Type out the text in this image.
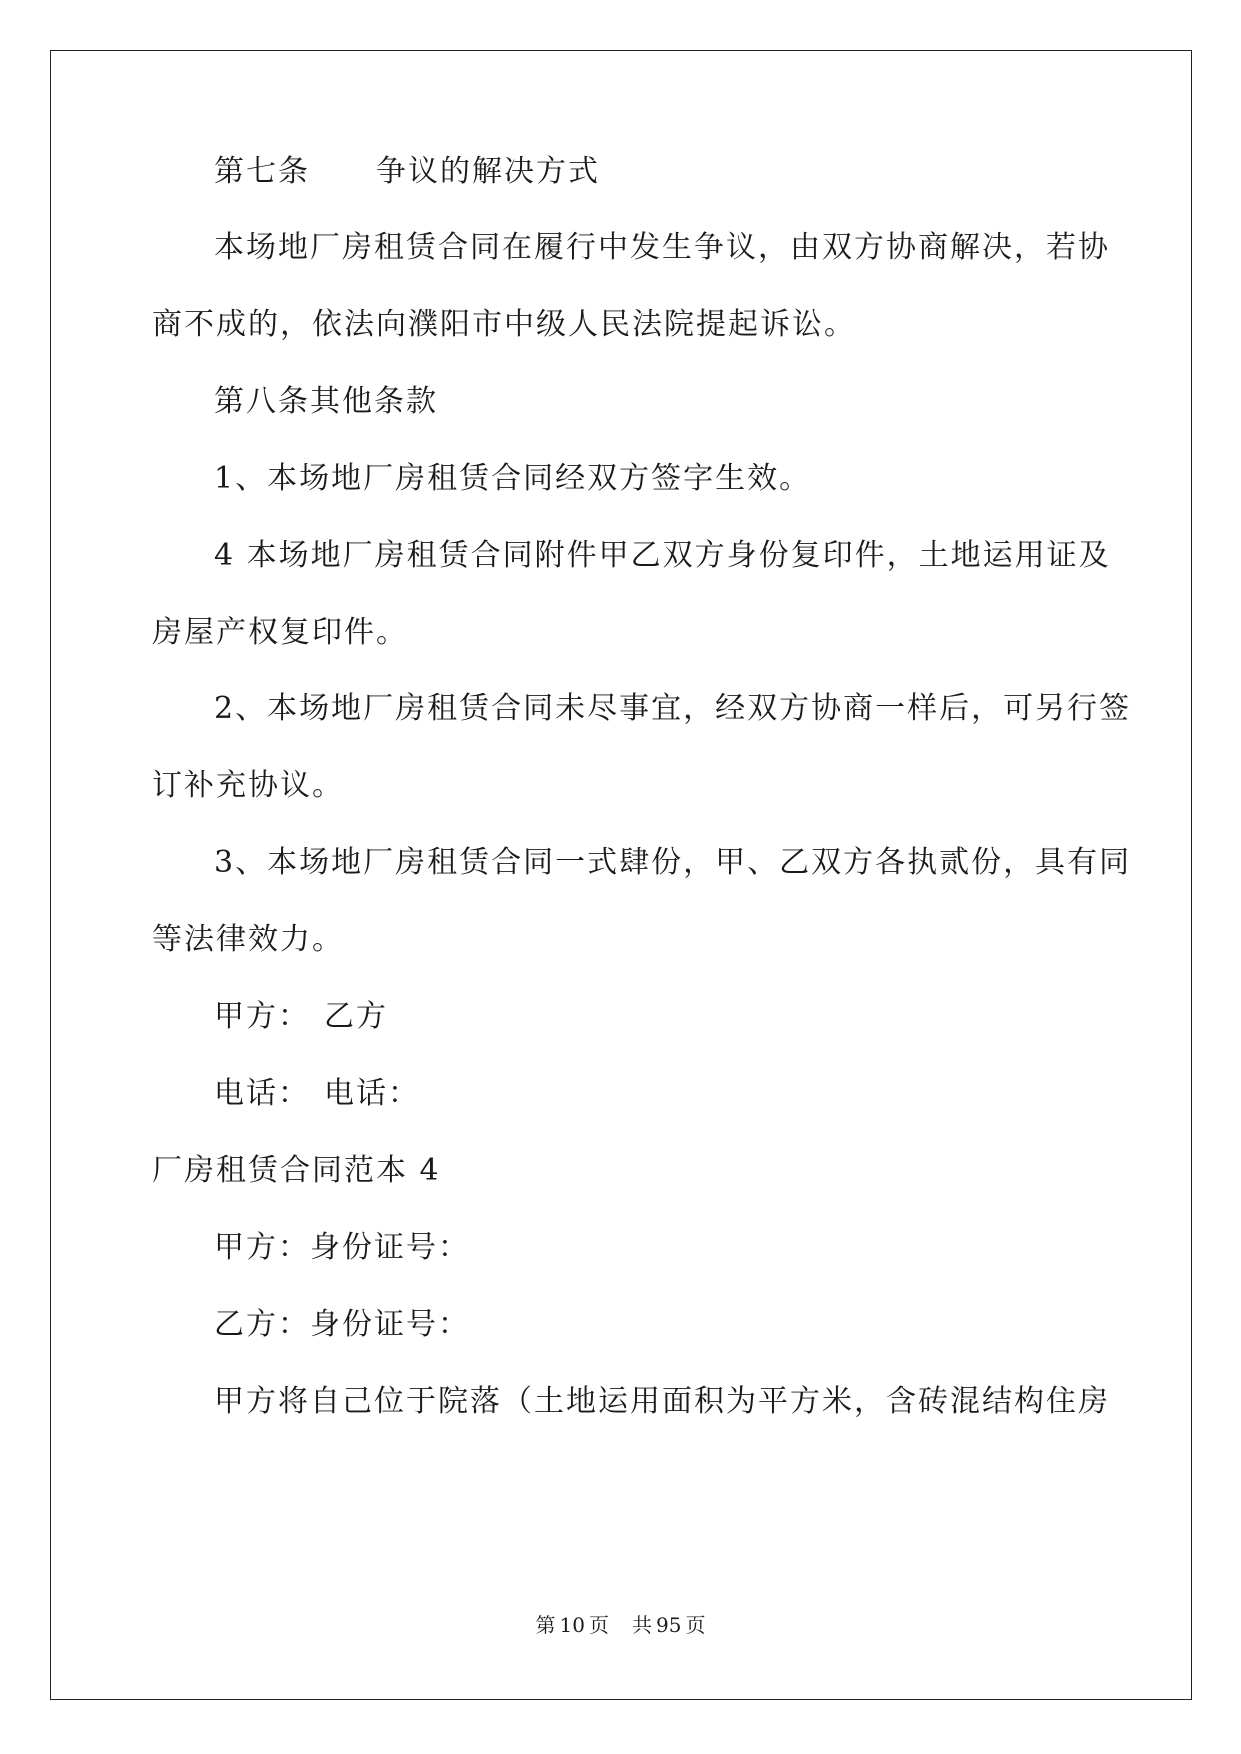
第七条 争议的解决方式
本场地厂房租赁合同在履行中发生争议，由双方协商解决，若协
商不成的，依法向濮阳市中级人民法院提起诉讼。
第八条其他条款
1、本场地厂房租赁合同经双方签字生效。
4 本场地厂房租赁合同附件甲乙双方身份复印件，土地运用证及
房屋产权复印件。
2、本场地厂房租赁合同未尽事宜，经双方协商一样后，可另行签
订补充协议。
3、本场地厂房租赁合同一式肆份，甲、乙双方各执贰份，具有同
等法律效力。
甲方： 乙方
电话： 电话：
厂房租赁合同范本 4
甲方：身份证号：
乙方：身份证号：
甲方将自己位于院落（土地运用面积为平方米，含砖混结构住房
第 10 页 共 95 页
